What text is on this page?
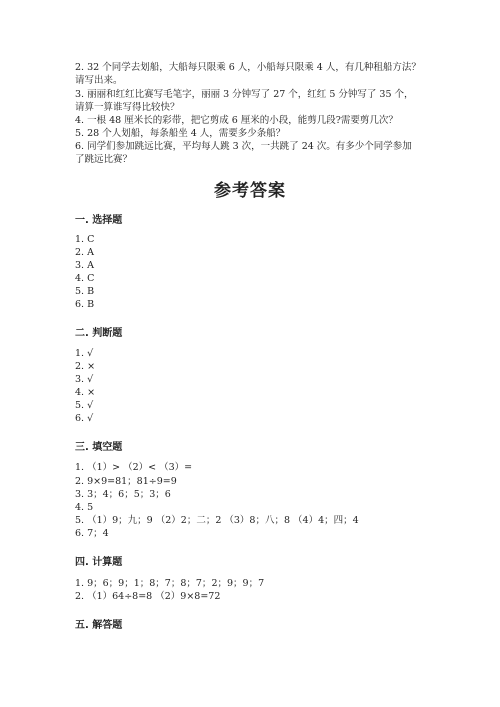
2. 32 个同学去划船，大船每只限乘 6 人，小船每只限乘 4 人，有几种租船方法？
请写出来。
3. 丽丽和红红比赛写毛笔字，丽丽 3 分钟写了 27 个，红红 5 分钟写了 35 个，
请算一算谁写得比较快？
4. 一根 48 厘米长的彩带，把它剪成 6 厘米的小段，能剪几段?需要剪几次？
5. 28 个人划船，每条船坐 4 人，需要多少条船？
6. 同学们参加跳远比赛，平均每人跳 3 次，一共跳了 24 次。有多少个同学参加
了跳远比赛？
参考答案
一. 选择题
1. C
2. A
3. A
4. C
5. B
6. B
二. 判断题
1. √
2. ×
3. √
4. ×
5. √
6. √
三. 填空题
1. （1）> （2）< （3）=
2. 9×9=81；81÷9=9
3. 3；4；6；5；3；6
4. 5
5. （1）9；九；9 （2）2；二；2 （3）8；八；8 （4）4；四；4
6. 7；4
四. 计算题
1. 9；6；9；1；8；7；8；7；2；9；9；7
2. （1）64÷8=8 （2）9×8=72
五. 解答题
